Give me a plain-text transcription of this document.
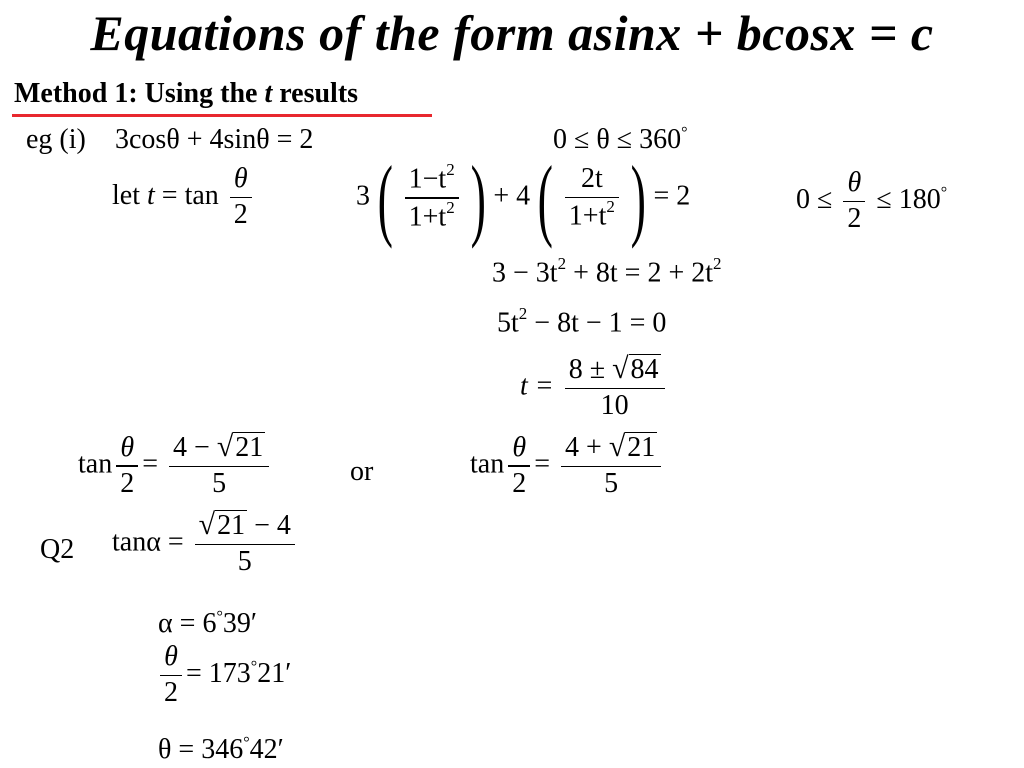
Equations of the form asinx + bcosx = c
Method 1: Using the t results
eg (i) 3cosθ + 4sinθ = 2	0 ≤ θ ≤ 360°
let $t = \tan \frac{\theta}{2}$	$3( \frac{1-t^2}{1+t^2}$ ) + $4( \frac{2t}{1+t^2}$ ) = 2	$0 \le \frac{\theta}{2} \le 180^\circ$
$3 - 3t^2 + 8t = 2 + 2t^2$
$5t^2 - 8t - 1 = 0$
$t = \frac{8 \pm √ 84}{10}$
$\tan \frac{\theta}{2} = \frac{4 - √ 21}{5}$	or	$\tan \frac{\theta}{2} = \frac{4 + √ 21}{5}$
Q2 $\tan\alpha = \frac{√ 21 - 4}{5}$
α = 6°39′
$\frac{\theta}{2} = 173^\circ 21'$
θ = 346°42′
